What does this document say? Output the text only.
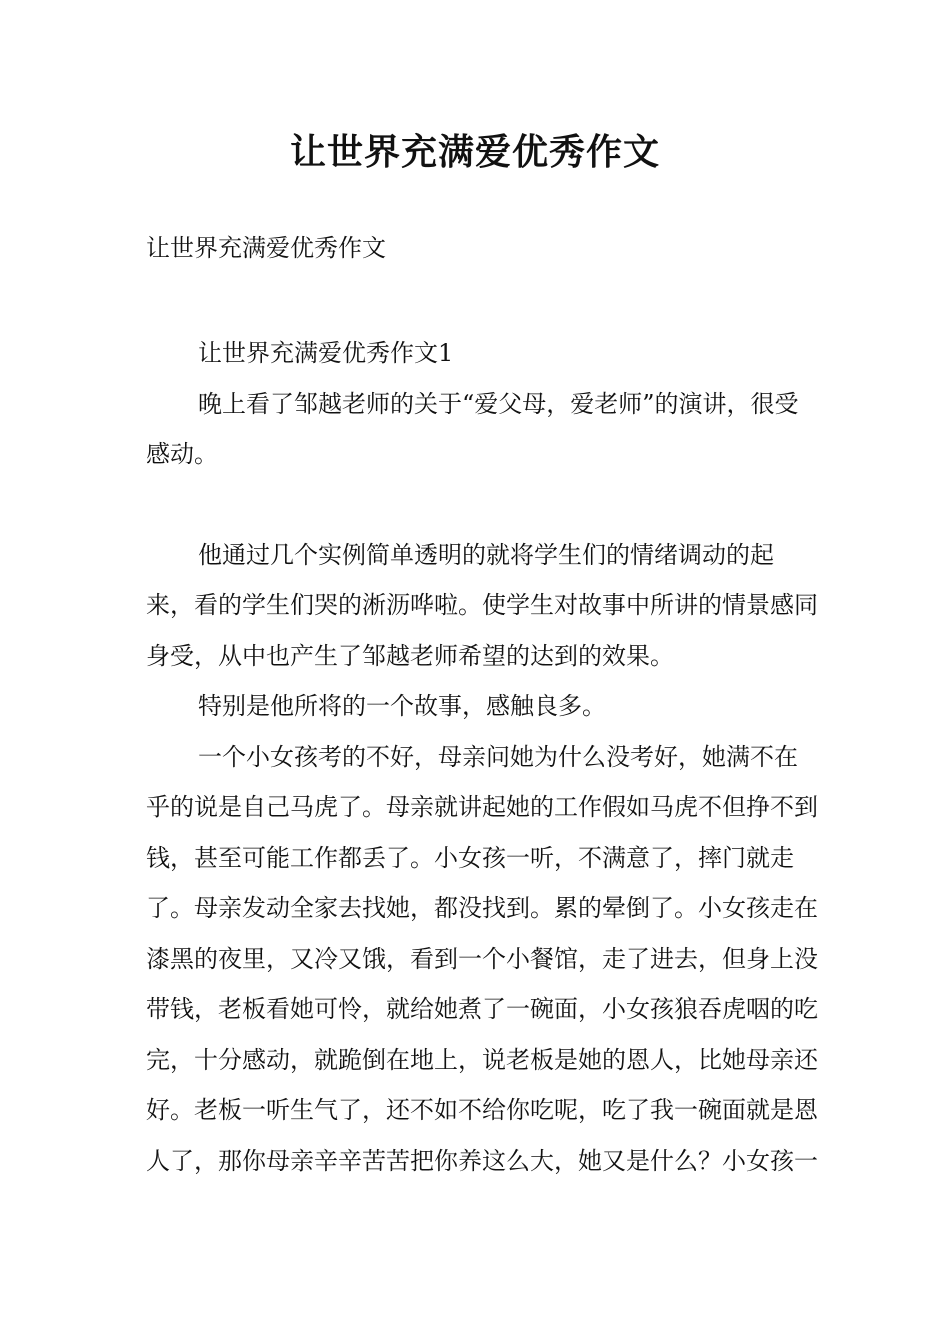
让世界充满爱优秀作文
让世界充满爱优秀作文

让世界充满爱优秀作文1

晚上看了邹越老师的关于“爱父母，爱老师”的演讲，很受感动。

他通过几个实例简单透明的就将学生们的情绪调动的起来，看的学生们哭的淅沥哗啦。使学生对故事中所讲的情景感同身受，从中也产生了邹越老师希望的达到的效果。

特别是他所将的一个故事，感触良多。

一个小女孩考的不好，母亲问她为什么没考好，她满不在乎的说是自己马虎了。母亲就讲起她的工作假如马虎不但挣不到钱，甚至可能工作都丢了。小女孩一听，不满意了，摔门就走了。母亲发动全家去找她，都没找到。累的晕倒了。小女孩走在漆黑的夜里，又冷又饿，看到一个小餐馆，走了进去，但身上没带钱，老板看她可怜，就给她煮了一碗面，小女孩狼吞虎咽的吃完，十分感动，就跪倒在地上，说老板是她的恩人，比她母亲还好。老板一听生气了，还不如不给你吃呢，吃了我一碗面就是恩人了，那你母亲辛辛苦苦把你养这么大，她又是什么？小女孩一
